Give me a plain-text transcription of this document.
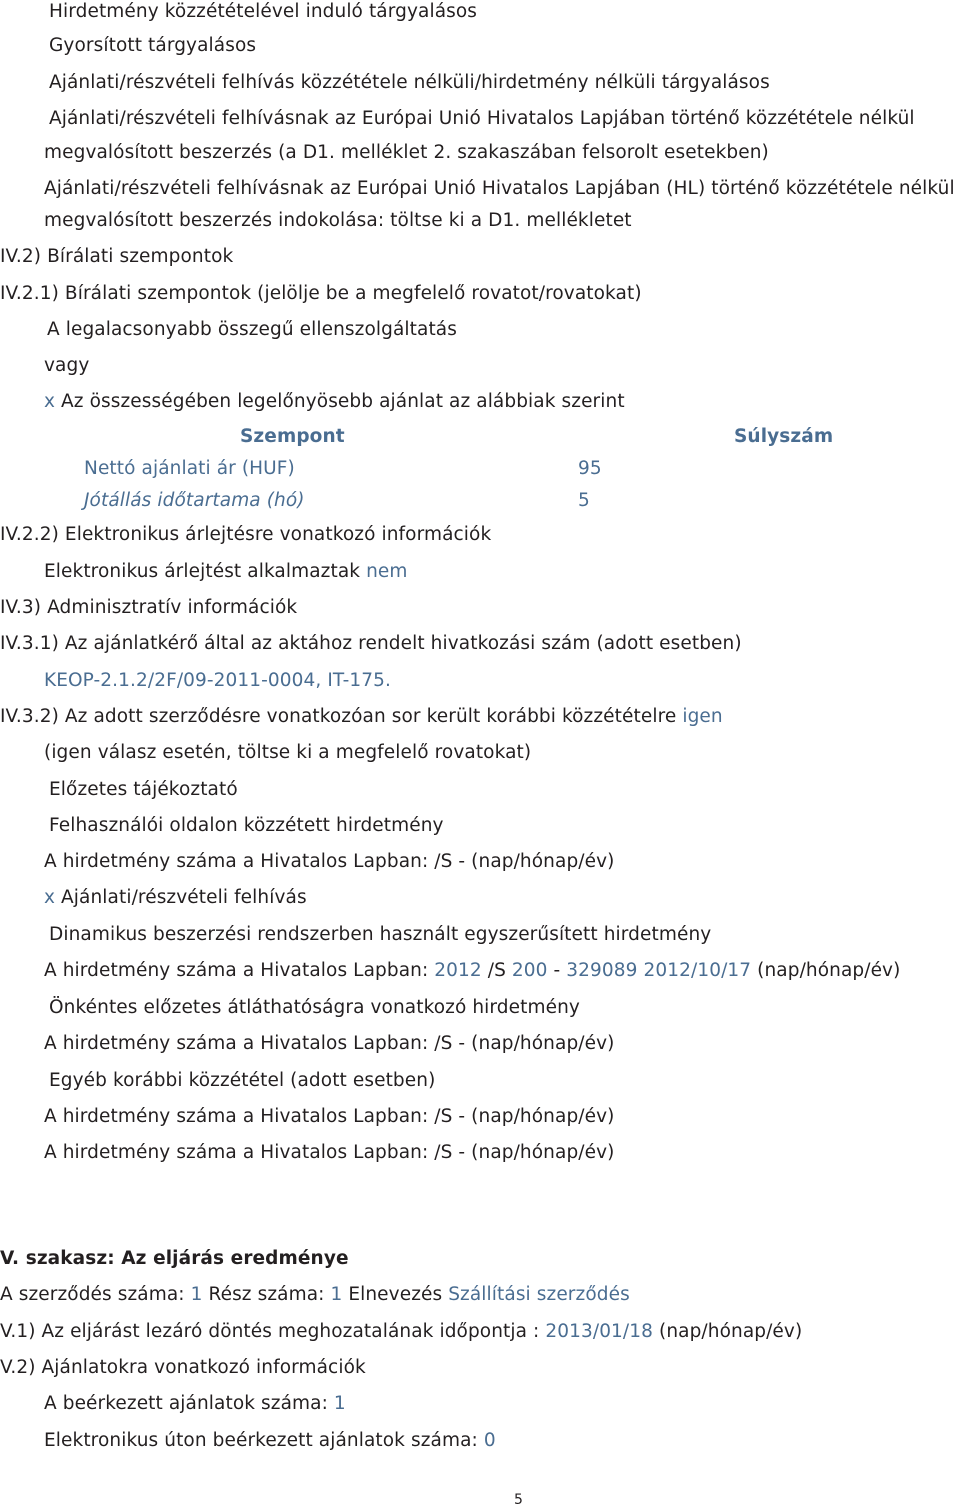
Hirdetmény közzétételével induló tárgyalásos
Gyorsított tárgyalásos
Ajánlati/részvételi felhívás közzététele nélküli/hirdetmény nélküli tárgyalásos
Ajánlati/részvételi felhívásnak az Európai Unió Hivatalos Lapjában történő közzététele nélkül
megvalósított beszerzés (a D1. melléklet 2. szakaszában felsorolt esetekben)
Ajánlati/részvételi felhívásnak az Európai Unió Hivatalos Lapjában (HL) történő közzététele nélkül
megvalósított beszerzés indokolása: töltse ki a D1. mellékletet
IV.2) Bírálati szempontok
IV.2.1) Bírálati szempontok (jelölje be a megfelelő rovatot/rovatokat)
A legalacsonyabb összegű ellenszolgáltatás
vagy
x Az összességében legelőnyösebb ajánlat az alábbiak szerint
Szempont	Súlyszám
Nettó ajánlati ár (HUF)	95
Jótállás időtartama (hó)	5
IV.2.2) Elektronikus árlejtésre vonatkozó információk
Elektronikus árlejtést alkalmaztak nem
IV.3) Adminisztratív információk
IV.3.1) Az ajánlatkérő által az aktához rendelt hivatkozási szám (adott esetben)
KEOP-2.1.2/2F/09-2011-0004, IT-175.
IV.3.2) Az adott szerződésre vonatkozóan sor került korábbi közzétételre igen
(igen válasz esetén, töltse ki a megfelelő rovatokat)
Előzetes tájékoztató
Felhasználói oldalon közzétett hirdetmény
A hirdetmény száma a Hivatalos Lapban: /S - (nap/hónap/év)
x Ajánlati/részvételi felhívás
Dinamikus beszerzési rendszerben használt egyszerűsített hirdetmény
A hirdetmény száma a Hivatalos Lapban: 2012 /S 200 - 329089 2012/10/17 (nap/hónap/év)
Önkéntes előzetes átláthatóságra vonatkozó hirdetmény
A hirdetmény száma a Hivatalos Lapban: /S - (nap/hónap/év)
Egyéb korábbi közzététel (adott esetben)
A hirdetmény száma a Hivatalos Lapban: /S - (nap/hónap/év)
A hirdetmény száma a Hivatalos Lapban: /S - (nap/hónap/év)
V. szakasz: Az eljárás eredménye
A szerződés száma: 1 Rész száma: 1 Elnevezés Szállítási szerződés
V.1) Az eljárást lezáró döntés meghozatalának időpontja : 2013/01/18 (nap/hónap/év)
V.2) Ajánlatokra vonatkozó információk
A beérkezett ajánlatok száma: 1
Elektronikus úton beérkezett ajánlatok száma: 0
5
